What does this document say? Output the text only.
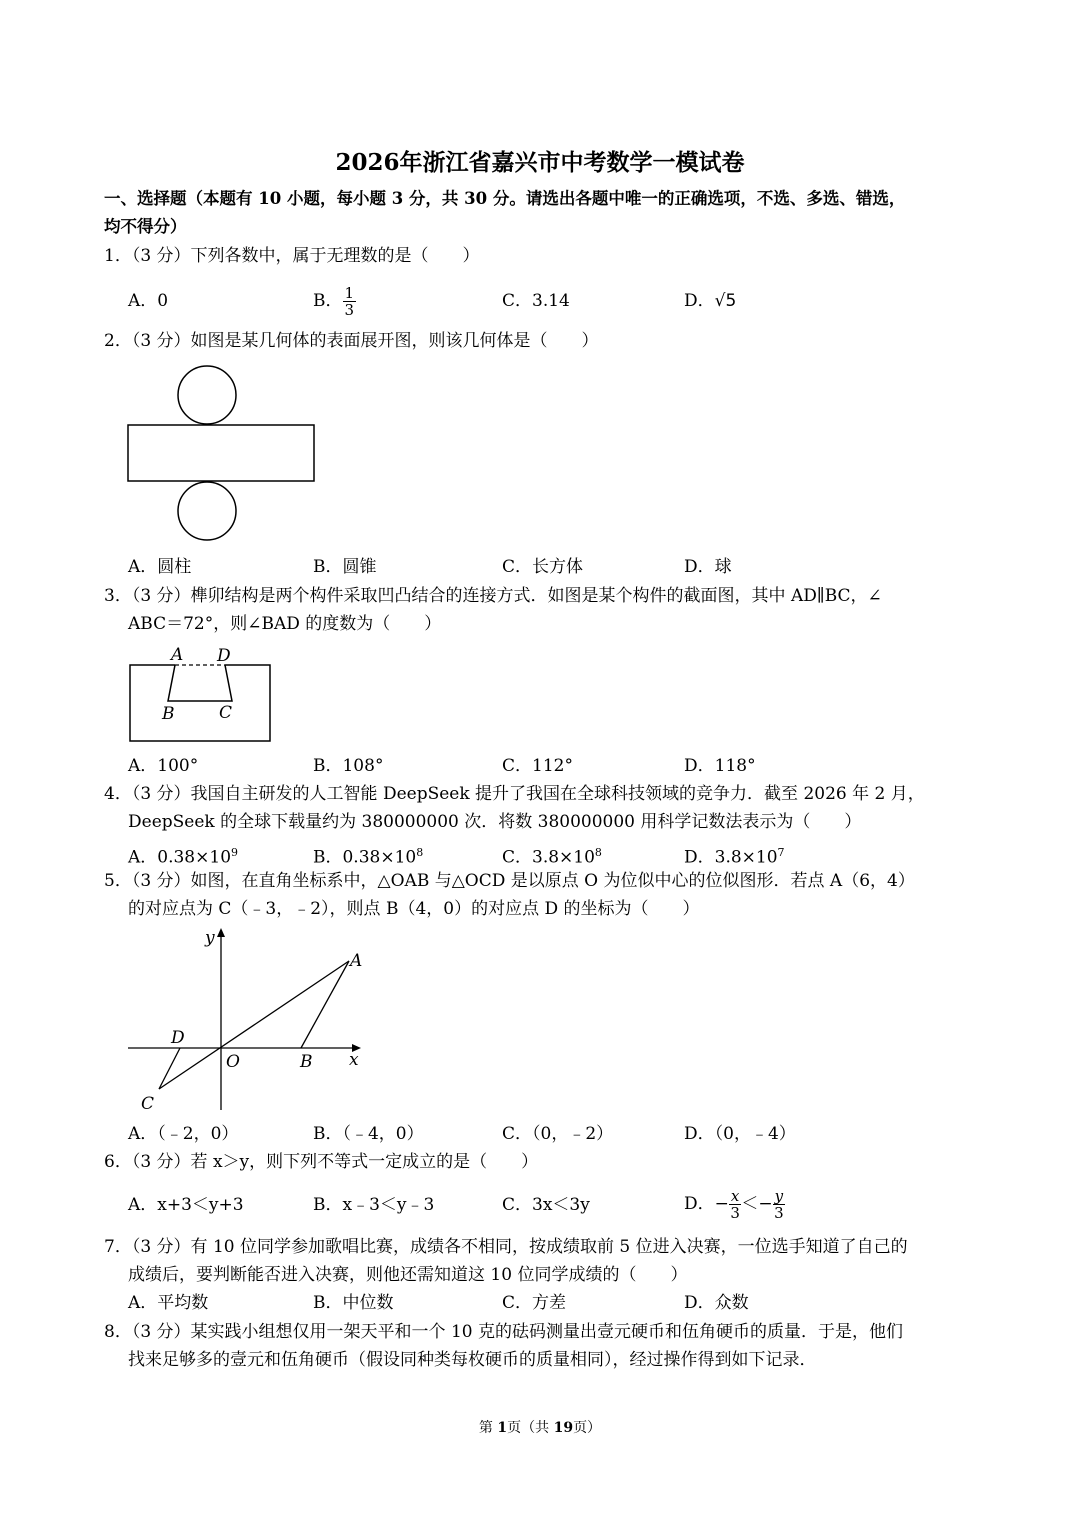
2026年浙江省嘉兴市中考数学一模试卷
一、选择题（本题有 10 小题，每小题 3 分，共 30 分。请选出各题中唯一的正确选项，不选、多选、错选，
均不得分）
1．（3 分）下列各数中，属于无理数的是（　　）
A．0	B． $\frac{1}{3}$	C．3.14	D．√5
2．（3 分）如图是某几何体的表面展开图，则该几何体是（　　）
A．圆柱	B．圆锥	C．长方体	D．球
3．（3 分）榫卯结构是两个构件采取凹凸结合的连接方式．如图是某个构件的截面图，其中 AD∥BC，∠
ABC＝72°，则∠BAD 的度数为（　　）
A D
B	C
A．100°	B．108°	C．112°	D．118°
4．（3 分）我国自主研发的人工智能 DeepSeek 提升了我国在全球科技领域的竞争力．截至 2026 年 2 月，
DeepSeek 的全球下载量约为 380000000 次．将数 380000000 用科学记数法表示为（　　）
A．$0.38\times 10^9$	B．$0.38\times 10^8$	C．$3.8\times 10^8$	D．$3.8\times 10^7$
5．（3 分）如图，在直角坐标系中，△OAB 与△OCD 是以原点 O 为位似中心的位似图形．若点 A（6，4）
的对应点为 C（﹣3，﹣2），则点 B（4，0）的对应点 D 的坐标为（　　）
y
x
O
A
B
C
D
A．（﹣2，0）	B．（﹣4，0）	C．（0，﹣2）	D．（0，﹣4）
6．（3 分）若 x＞y，则下列不等式一定成立的是（　　）
A．x+3＜y+3	B．x﹣3＜y﹣3	C．3x＜3y	D．− $\frac{x}{3} <- \frac{y}{3}$
7．（3 分）有 10 位同学参加歌唱比赛，成绩各不相同，按成绩取前 5 位进入决赛，一位选手知道了自己的
成绩后，要判断能否进入决赛，则他还需知道这 10 位同学成绩的（　　）
A．平均数	B．中位数	C．方差	D．众数
8．（3 分）某实践小组想仅用一架天平和一个 10 克的砝码测量出壹元硬币和伍角硬币的质量．于是，他们
找来足够多的壹元和伍角硬币（假设同种类每枚硬币的质量相同），经过操作得到如下记录．
第 1页（共 19页）
